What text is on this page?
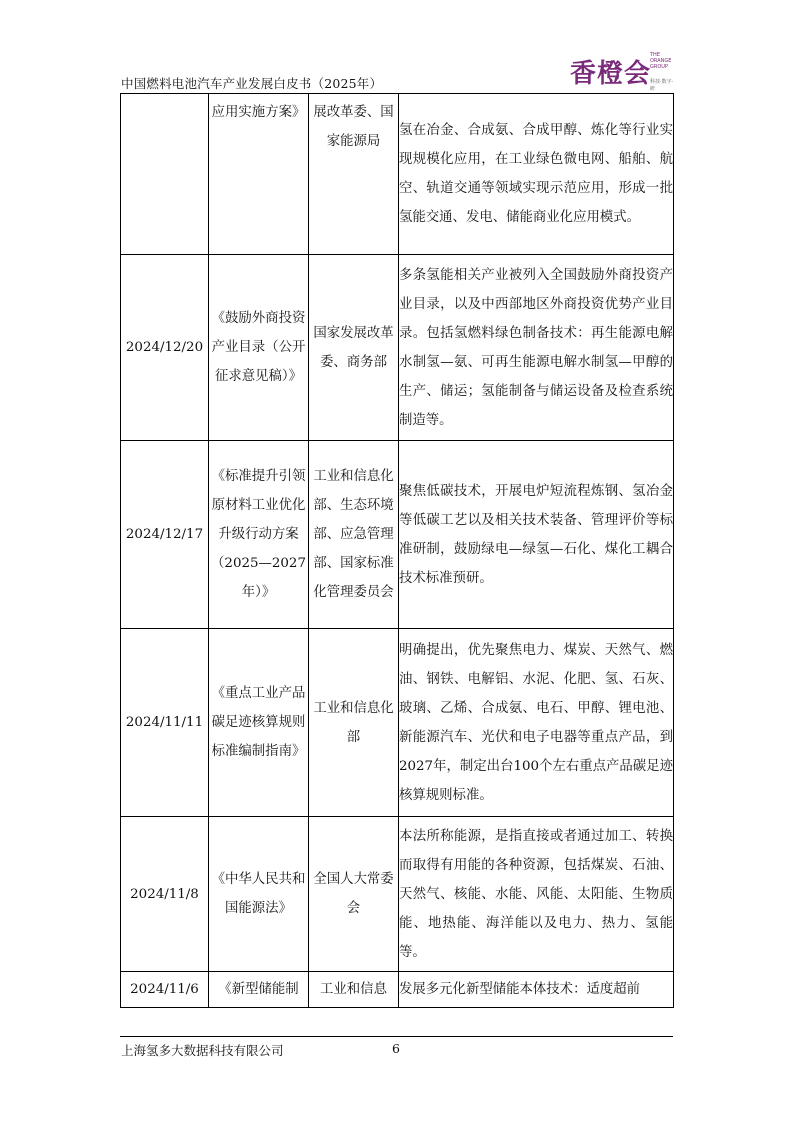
中国燃料电池汽车产业发展白皮书（2025年）	香橙会
THE ORANGE GROUP
科技·数字·研
	应用实施方案》	展改革委、国家能源局	氢在冶金、合成氨、合成甲醇、炼化等行业实现规模化应用，在工业绿色微电网、船舶、航空、轨道交通等领域实现示范应用，形成一批氢能交通、发电、储能商业化应用模式。
2024/12/20	《鼓励外商投资产业目录（公开征求意见稿）》	国家发展改革委、商务部	多条氢能相关产业被列入全国鼓励外商投资产业目录，以及中西部地区外商投资优势产业目录。包括氢燃料绿色制备技术：再生能源电解水制氢—氨、可再生能源电解水制氢—甲醇的生产、储运；氢能制备与储运设备及检查系统制造等。
2024/12/17	《标准提升引领原材料工业优化升级行动方案（2025—2027年）》	工业和信息化部、生态环境部、应急管理部、国家标准化管理委员会	聚焦低碳技术，开展电炉短流程炼钢、氢冶金等低碳工艺以及相关技术装备、管理评价等标准研制，鼓励绿电—绿氢—石化、煤化工耦合技术标准预研。
2024/11/11	《重点工业产品碳足迹核算规则标准编制指南》	工业和信息化部	明确提出，优先聚焦电力、煤炭、天然气、燃油、钢铁、电解铝、水泥、化肥、氢、石灰、玻璃、乙烯、合成氨、电石、甲醇、锂电池、新能源汽车、光伏和电子电器等重点产品，到2027年，制定出台100个左右重点产品碳足迹核算规则标准。
2024/11/8	《中华人民共和国能源法》	全国人大常委会	本法所称能源，是指直接或者通过加工、转换而取得有用能的各种资源，包括煤炭、石油、天然气、核能、水能、风能、太阳能、生物质能、地热能、海洋能以及电力、热力、氢能等。
2024/11/6	《新型储能制	工业和信息	发展多元化新型储能本体技术：适度超前
上海氢多大数据科技有限公司	6
